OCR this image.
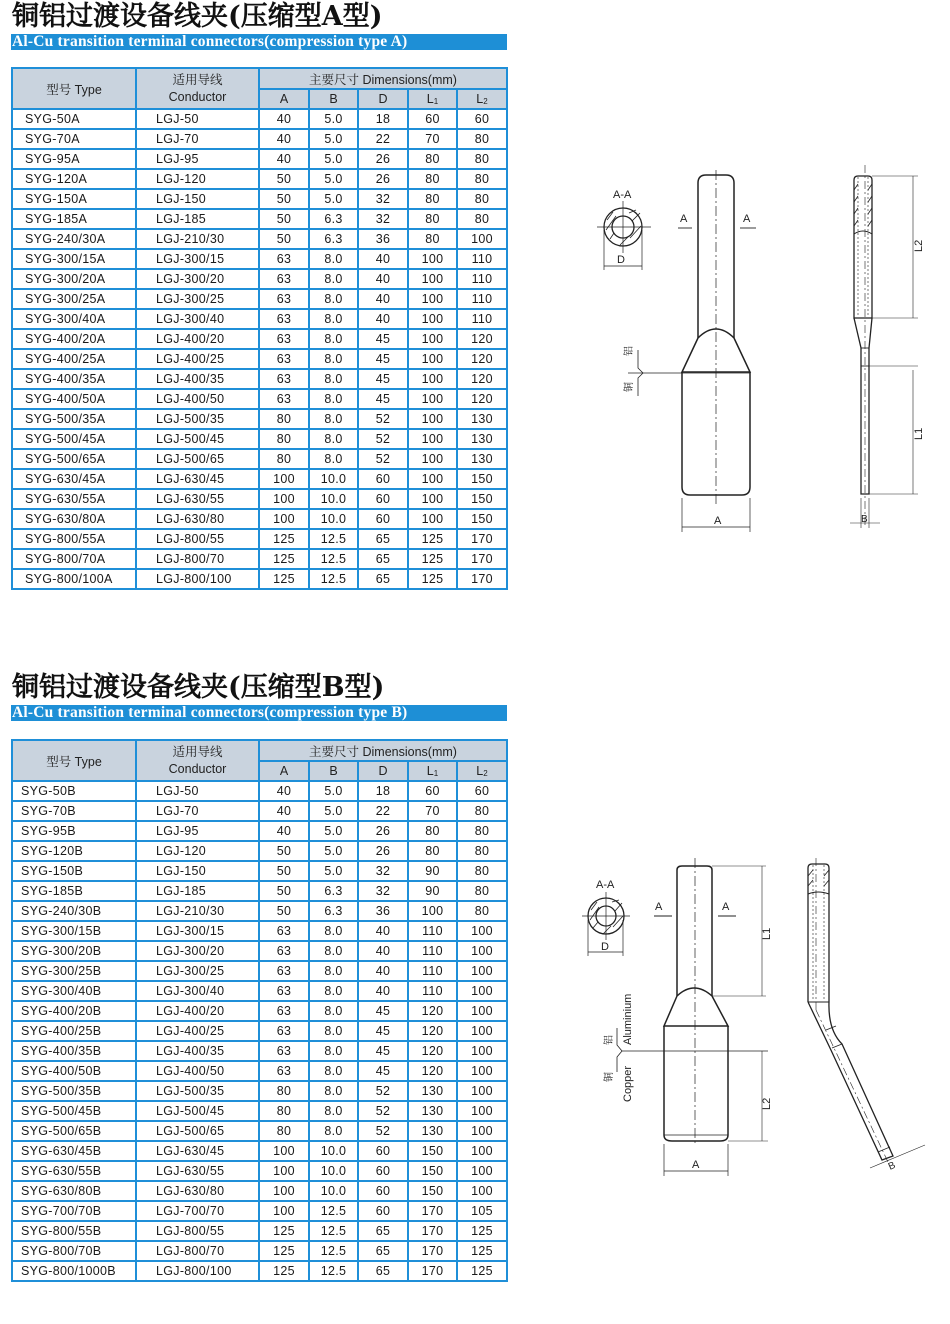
铜铝过渡设备线夹(压缩型A型)
Al-Cu transition terminal connectors(compression type A)
型号 Type	适用导线
Conductor	主要尺寸 Dimensions(mm)				
		A	B	D	L1	L2
SYG-50A	LGJ-50	40	5.0	18	60	60
SYG-70A	LGJ-70	40	5.0	22	70	80
SYG-95A	LGJ-95	40	5.0	26	80	80
SYG-120A	LGJ-120	50	5.0	26	80	80
SYG-150A	LGJ-150	50	5.0	32	80	80
SYG-185A	LGJ-185	50	6.3	32	80	80
SYG-240/30A	LGJ-210/30	50	6.3	36	80	100
SYG-300/15A	LGJ-300/15	63	8.0	40	100	110
SYG-300/20A	LGJ-300/20	63	8.0	40	100	110
SYG-300/25A	LGJ-300/25	63	8.0	40	100	110
SYG-300/40A	LGJ-300/40	63	8.0	40	100	110
SYG-400/20A	LGJ-400/20	63	8.0	45	100	120
SYG-400/25A	LGJ-400/25	63	8.0	45	100	120
SYG-400/35A	LGJ-400/35	63	8.0	45	100	120
SYG-400/50A	LGJ-400/50	63	8.0	45	100	120
SYG-500/35A	LGJ-500/35	80	8.0	52	100	130
SYG-500/45A	LGJ-500/45	80	8.0	52	100	130
SYG-500/65A	LGJ-500/65	80	8.0	52	100	130
SYG-630/45A	LGJ-630/45	100	10.0	60	100	150
SYG-630/55A	LGJ-630/55	100	10.0	60	100	150
SYG-630/80A	LGJ-630/80	100	10.0	60	100	150
SYG-800/55A	LGJ-800/55	125	12.5	65	125	170
SYG-800/70A	LGJ-800/70	125	12.5	65	125	170
SYG-800/100A	LGJ-800/100	125	12.5	65	125	170
A-A
D
A	A
A
铝
铜
L2
L1
B
铜铝过渡设备线夹(压缩型B型)
Al-Cu transition terminal connectors(compression type B)
型号 Type	适用导线
Conductor	主要尺寸 Dimensions(mm)				
		A	B	D	L1	L2
SYG-50B	LGJ-50	40	5.0	18	60	60
SYG-70B	LGJ-70	40	5.0	22	70	80
SYG-95B	LGJ-95	40	5.0	26	80	80
SYG-120B	LGJ-120	50	5.0	26	80	80
SYG-150B	LGJ-150	50	5.0	32	90	80
SYG-185B	LGJ-185	50	6.3	32	90	80
SYG-240/30B	LGJ-210/30	50	6.3	36	100	80
SYG-300/15B	LGJ-300/15	63	8.0	40	110	100
SYG-300/20B	LGJ-300/20	63	8.0	40	110	100
SYG-300/25B	LGJ-300/25	63	8.0	40	110	100
SYG-300/40B	LGJ-300/40	63	8.0	40	110	100
SYG-400/20B	LGJ-400/20	63	8.0	45	120	100
SYG-400/25B	LGJ-400/25	63	8.0	45	120	100
SYG-400/35B	LGJ-400/35	63	8.0	45	120	100
SYG-400/50B	LGJ-400/50	63	8.0	45	120	100
SYG-500/35B	LGJ-500/35	80	8.0	52	130	100
SYG-500/45B	LGJ-500/45	80	8.0	52	130	100
SYG-500/65B	LGJ-500/65	80	8.0	52	130	100
SYG-630/45B	LGJ-630/45	100	10.0	60	150	100
SYG-630/55B	LGJ-630/55	100	10.0	60	150	100
SYG-630/80B	LGJ-630/80	100	10.0	60	150	100
SYG-700/70B	LGJ-700/70	100	12.5	60	170	105
SYG-800/55B	LGJ-800/55	125	12.5	65	170	125
SYG-800/70B	LGJ-800/70	125	12.5	65	170	125
SYG-800/1000B	LGJ-800/100	125	12.5	65	170	125
A-A
D
A	A
A
L1
L2
铝
铜
Aluminium
Copper
B
